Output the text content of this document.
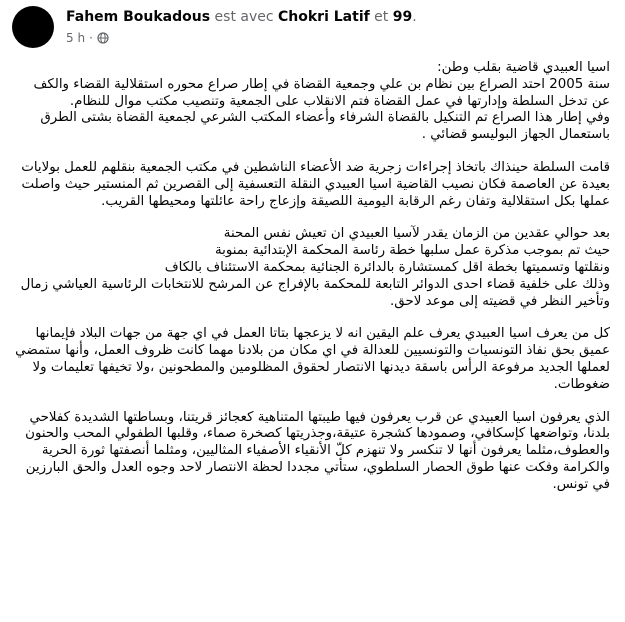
Fahem Boukadous est avec Chokri Latif et 99.
5 h ·

اسيا العبيدي قاضية بقلب وطن:
سنة 2005 احتد الصراع بين نظام بن علي وجمعية القضاة في إطار صراع محوره استقلالية القضاء والكف عن تدخل السلطة وإدارتها في عمل القضاة فتم الانقلاب على الجمعية وتنصيب مكتب موال للنظام.
وفي إطار هذا الصراع تم التنكيل بالقضاة الشرفاء وأعضاء المكتب الشرعي لجمعية القضاة بشتى الطرق باستعمال الجهاز البوليسو قضائي .

قامت السلطة حينذاك باتخاذ إجراءات زجرية ضد الأعضاء الناشطين في مكتب الجمعية بنقلهم للعمل بولايات بعيدة عن العاصمة فكان نصيب القاضية اسيا العبيدي النقلة التعسفية إلى القصرين ثم المنستير حيث واصلت عملها بكل استقلالية وتفان رغم الرقابة اليومية اللصيقة وإزعاج راحة عائلتها ومحيطها القريب.

بعد حوالي عقدين من الزمان يقدر لآسيا العبيدي ان تعيش نفس المحنة
حيث تم بموجب مذكرة عمل سلبها خطة رئاسة المحكمة الإبتدائية بمنوبة
ونقلتها وتسميتها بخطة اقل كمستشارة بالدائرة الجنائية بمحكمة الاستئناف بالكاف
وذلك على خلفية قضاء احدى الدوائر التابعة للمحكمة بالإفراج عن المرشح للانتخابات الرئاسية العياشي زمال وتأخير النظر في قضيته إلى موعد لاحق.

كل من يعرف اسيا العبيدي يعرف علم اليقين انه لا يزعجها بتاتا العمل في اي جهة من جهات البلاد فإيمانها عميق بحق نفاذ التونسيات والتونسيين للعدالة في اي مكان من بلادنا مهما كانت ظروف العمل، وأنها ستمضي لعملها الجديد مرفوعة الرأس باسقة ديدنها الانتصار لحقوق المظلومين والمطحونين ،ولا تخيفها تعليمات ولا ضغوطات.

الذي يعرفون اسيا العبيدي عن قرب يعرفون فيها طيبتها المتناهية كعجائز قريتنا، وبساطتها الشديدة كفلاحي بلدنا، وتواضعها كإسكافي، وصمودها كشجرة عتيقة،وجذريتها كصخرة صماء، وقلبها الطفولي المحب والحنون والعطوف،مثلما يعرفون أنها لا تنكسر ولا تنهزم كلّ الأنقياء الأصفياء المثاليين، ومثلما أنصفتها ثورة الحرية والكرامة وفكت عنها طوق الحصار السلطوي، ستأتي مجددا لحظة الانتصار لاحد وجوه العدل والحق البارزين في تونس.
